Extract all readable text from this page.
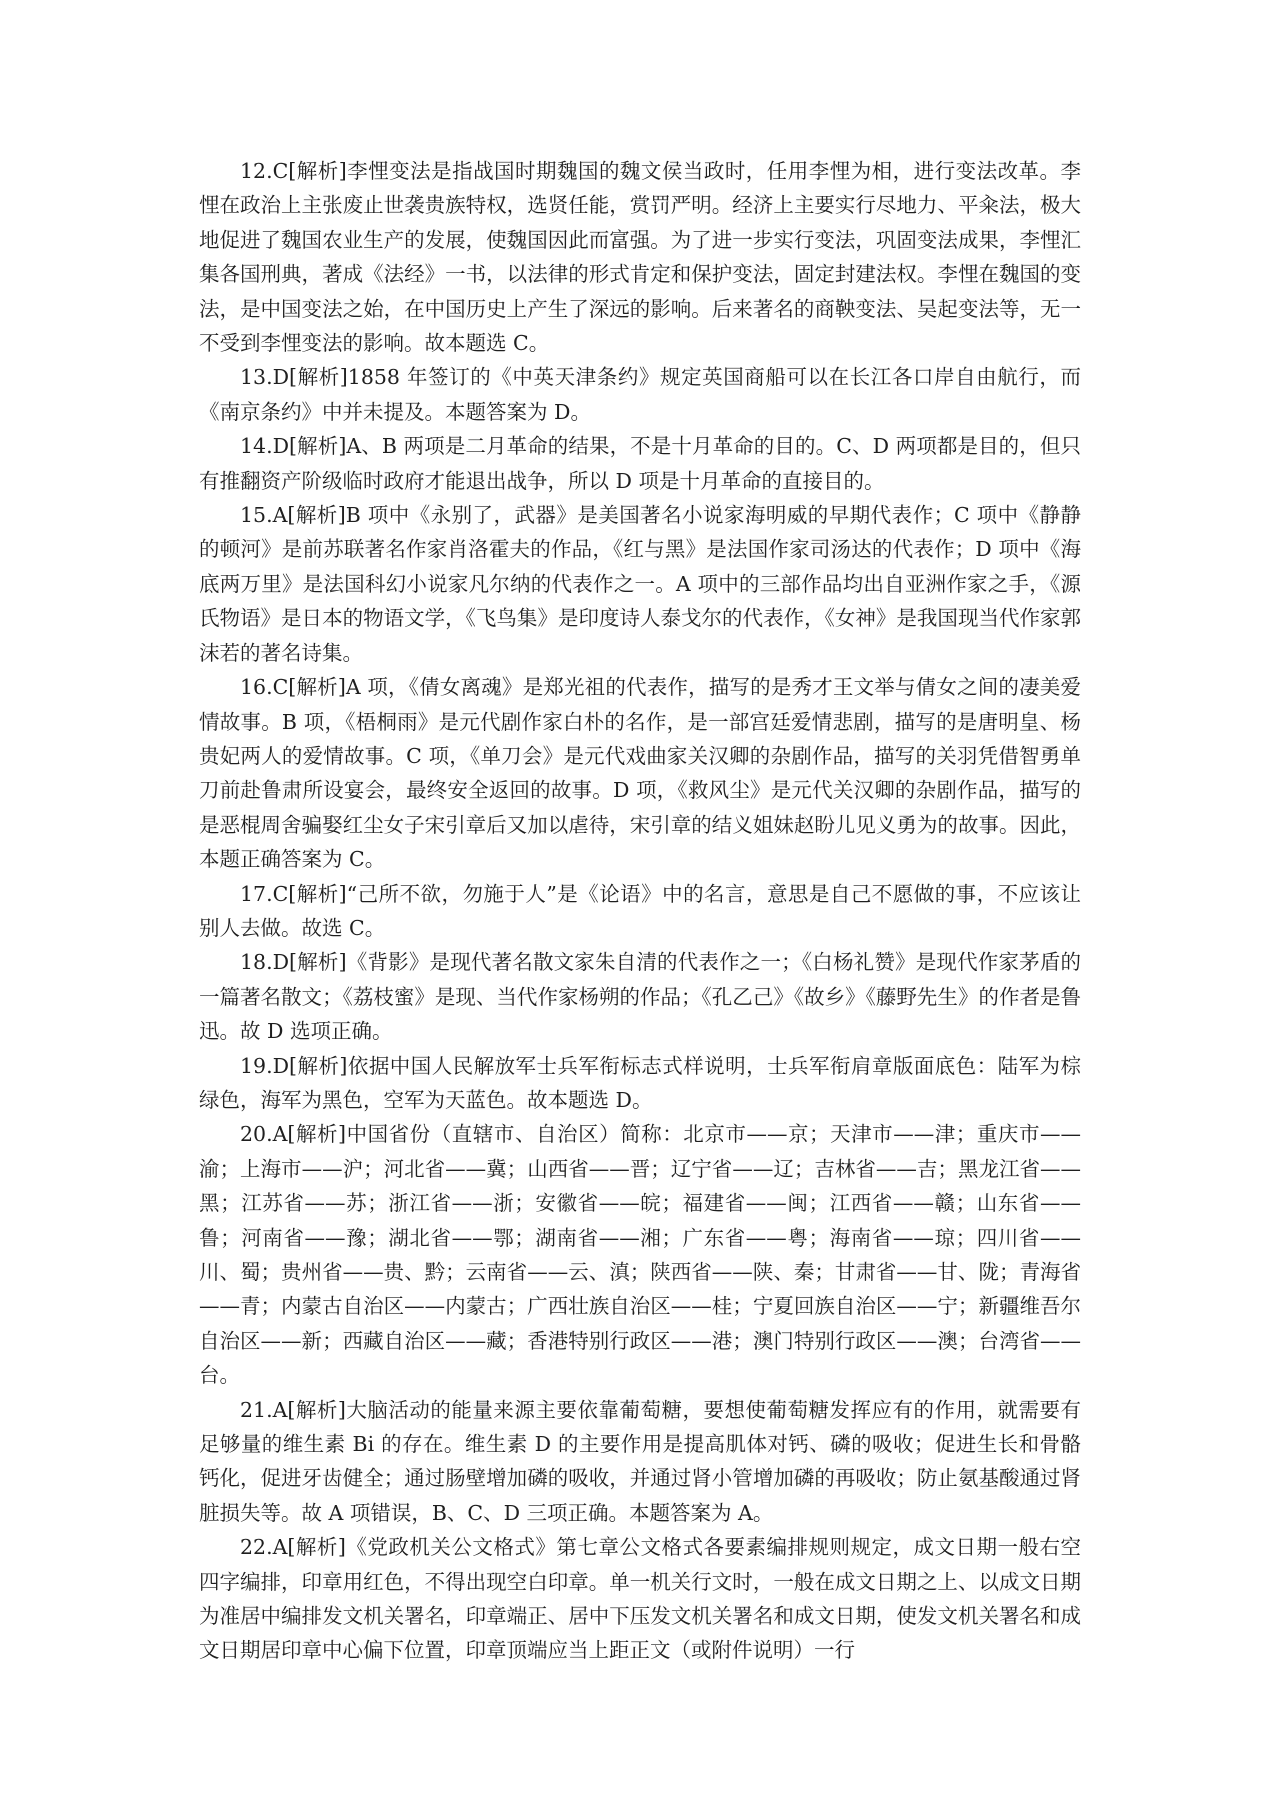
12.C[解析]李悝变法是指战国时期魏国的魏文侯当政时，任用李悝为相，进行变法改革。李悝在政治上主张废止世袭贵族特权，选贤任能，赏罚严明。经济上主要实行尽地力、平籴法，极大地促进了魏国农业生产的发展，使魏国因此而富强。为了进一步实行变法，巩固变法成果，李悝汇集各国刑典，著成《法经》一书，以法律的形式肯定和保护变法，固定封建法权。李悝在魏国的变法，是中国变法之始，在中国历史上产生了深远的影响。后来著名的商鞅变法、吴起变法等，无一不受到李悝变法的影响。故本题选 C。

13.D[解析]1858 年签订的《中英天津条约》规定英国商船可以在长江各口岸自由航行，而《南京条约》中并未提及。本题答案为 D。

14.D[解析]A、B 两项是二月革命的结果，不是十月革命的目的。C、D 两项都是目的，但只有推翻资产阶级临时政府才能退出战争，所以 D 项是十月革命的直接目的。

15.A[解析]B 项中《永别了，武器》是美国著名小说家海明威的早期代表作；C 项中《静静的顿河》是前苏联著名作家肖洛霍夫的作品，《红与黑》是法国作家司汤达的代表作；D 项中《海底两万里》是法国科幻小说家凡尔纳的代表作之一。A 项中的三部作品均出自亚洲作家之手，《源氏物语》是日本的物语文学，《飞鸟集》是印度诗人泰戈尔的代表作，《女神》是我国现当代作家郭沫若的著名诗集。

16.C[解析]A 项，《倩女离魂》是郑光祖的代表作，描写的是秀才王文举与倩女之间的凄美爱情故事。B 项，《梧桐雨》是元代剧作家白朴的名作，是一部宫廷爱情悲剧，描写的是唐明皇、杨贵妃两人的爱情故事。C 项，《单刀会》是元代戏曲家关汉卿的杂剧作品，描写的关羽凭借智勇单刀前赴鲁肃所设宴会，最终安全返回的故事。D 项，《救风尘》是元代关汉卿的杂剧作品，描写的是恶棍周舍骗娶红尘女子宋引章后又加以虐待，宋引章的结义姐妹赵盼儿见义勇为的故事。因此，本题正确答案为 C。

17.C[解析]“己所不欲，勿施于人”是《论语》中的名言，意思是自己不愿做的事，不应该让别人去做。故选 C。

18.D[解析]《背影》是现代著名散文家朱自清的代表作之一；《白杨礼赞》是现代作家茅盾的一篇著名散文；《荔枝蜜》是现、当代作家杨朔的作品；《孔乙己》《故乡》《藤野先生》的作者是鲁迅。故 D 选项正确。

19.D[解析]依据中国人民解放军士兵军衔标志式样说明，士兵军衔肩章版面底色：陆军为棕绿色，海军为黑色，空军为天蓝色。故本题选 D。

20.A[解析]中国省份（直辖市、自治区）简称：北京市——京；天津市——津；重庆市——渝；上海市——沪；河北省——冀；山西省——晋；辽宁省——辽；吉林省——吉；黑龙江省——黑；江苏省——苏；浙江省——浙；安徽省——皖；福建省——闽；江西省——赣；山东省——鲁；河南省——豫；湖北省——鄂；湖南省——湘；广东省——粤；海南省——琼；四川省——川、蜀；贵州省——贵、黔；云南省——云、滇；陕西省——陕、秦；甘肃省——甘、陇；青海省——青；内蒙古自治区——内蒙古；广西壮族自治区——桂；宁夏回族自治区——宁；新疆维吾尔自治区——新；西藏自治区——藏；香港特别行政区——港；澳门特别行政区——澳；台湾省——台。

21.A[解析]大脑活动的能量来源主要依靠葡萄糖，要想使葡萄糖发挥应有的作用，就需要有足够量的维生素 Bi 的存在。维生素 D 的主要作用是提高肌体对钙、磷的吸收；促进生长和骨骼钙化，促进牙齿健全；通过肠壁增加磷的吸收，并通过肾小管增加磷的再吸收；防止氨基酸通过肾脏损失等。故 A 项错误，B、C、D 三项正确。本题答案为 A。

22.A[解析]《党政机关公文格式》第七章公文格式各要素编排规则规定，成文日期一般右空四字编排，印章用红色，不得出现空白印章。单一机关行文时，一般在成文日期之上、以成文日期为准居中编排发文机关署名，印章端正、居中下压发文机关署名和成文日期，使发文机关署名和成文日期居印章中心偏下位置，印章顶端应当上距正文（或附件说明）一行
